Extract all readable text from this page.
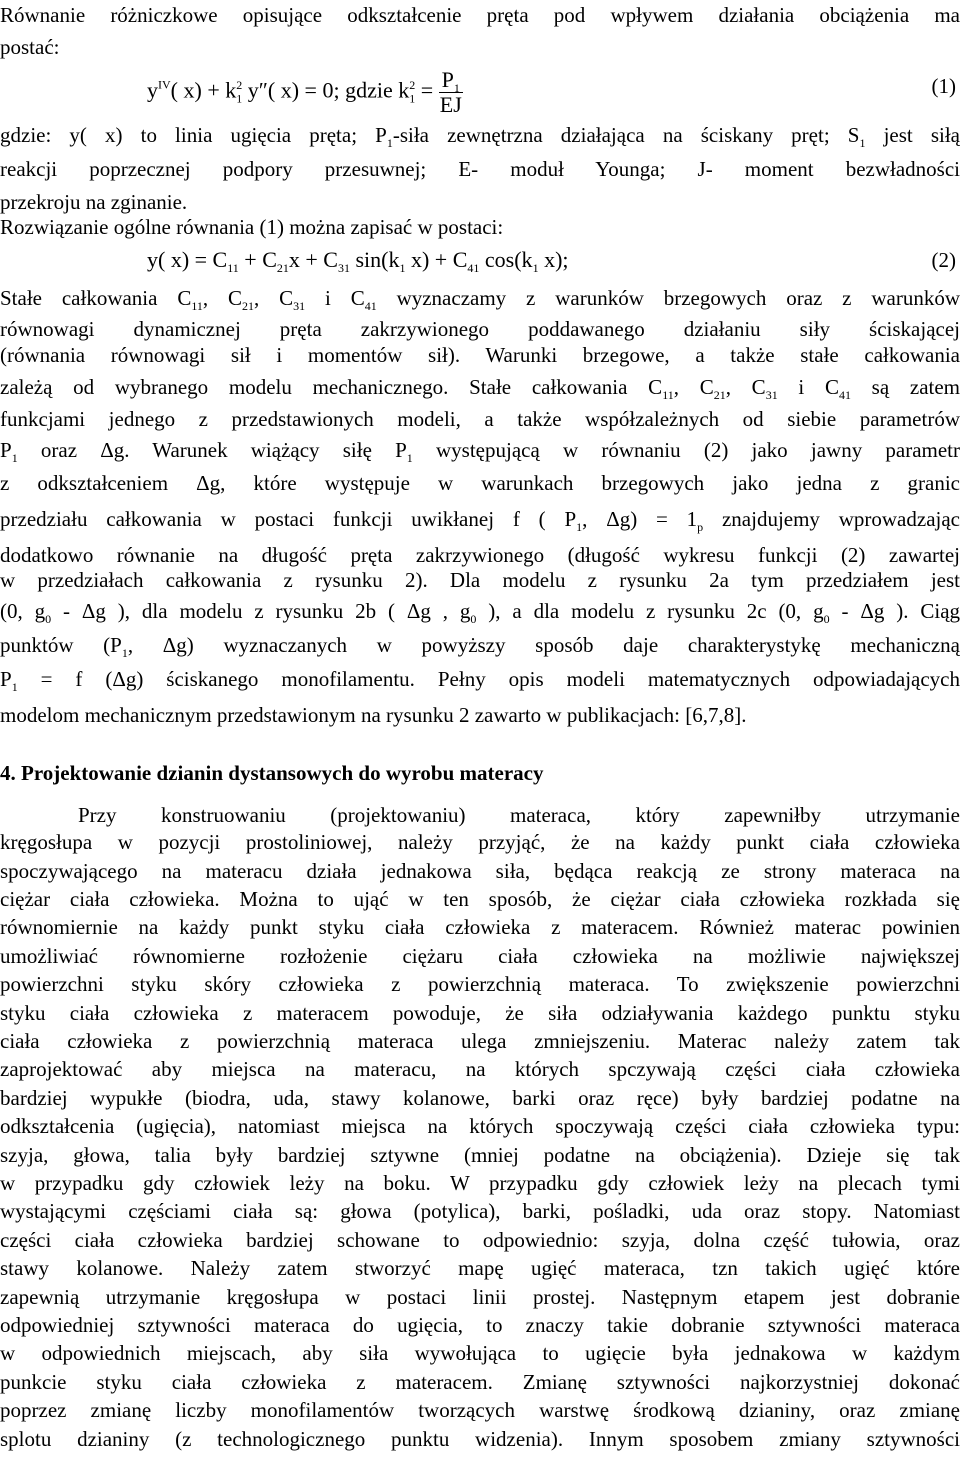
Równanie różniczkowe opisujące odkształcenie pręta pod wpływem działania obciążenia ma
postać:
$y^{IV}$( $x) + k_1^2$ y″( x) = 0; gdzie $k_1^2 = \frac{P_1}{EJ}$	(1)
gdzie: y( x) to linia ugięcia pręta; $P_1$-siła zewnętrzna działająca na ściskany pręt; $S_1$ jest siłą
reakcji poprzecznej podpory przesuwnej; E- moduł Younga; J- moment bezwładności
przekroju na zginanie.
Rozwiązanie ogólne równania (1) można zapisać w postaci:
y( $x) = C_{11} + C_{21}x + C_{31}$ $\sin(k_1$ $x) + C_{41}$ $\cos(k_1$ x);	(2)
Stałe całkowania $C_{11}$, $C_{21}$, $C_{31}$ i $C_{41}$ wyznaczamy z warunków brzegowych oraz z warunków
równowagi dynamicznej pręta zakrzywionego poddawanego działaniu siły ściskającej
(równania równowagi sił i momentów sił). Warunki brzegowe, a także stałe całkowania
zależą od wybranego modelu mechanicznego. Stałe całkowania $C_{11}$, $C_{21}$, $C_{31}$ i $C_{41}$ są zatem
funkcjami jednego z przedstawionych modeli, a także współzależnych od siebie parametrów
$P_1$ oraz Δg. Warunek wiążący siłę $P_1$ występującą w równaniu (2) jako jawny parametr
z odkształceniem Δg, które występuje w warunkach brzegowych jako jedna z granic
przedziału całkowania w postaci funkcji uwikłanej f ( $P_1$, $\Delta g) = 1_p$ znajdujemy wprowadzając
dodatkowo równanie na długość pręta zakrzywionego (długość wykresu funkcji (2) zawartej
w przedziałach całkowania z rysunku 2). Dla modelu z rysunku 2a tym przedziałem jest
(0, $g_0$ - Δg ), dla modelu z rysunku 2b ( Δg , $g_0$ ), a dla modelu z rysunku 2c (0, $g_0$ - Δg ). Ciąg
punktów ($P_1$, Δg) wyznaczanych w powyższy sposób daje charakterystykę mechaniczną
$P_1 = f$ (Δg) ściskanego monofilamentu. Pełny opis modeli matematycznych odpowiadających
modelom mechanicznym przedstawionym na rysunku 2 zawarto w publikacjach: [6,7,8].
4. Projektowanie dzianin dystansowych do wyrobu materacy
Przy konstruowaniu (projektowaniu) materaca, który zapewniłby utrzymanie
kręgosłupa w pozycji prostoliniowej, należy przyjąć, że na każdy punkt ciała człowieka
spoczywającego na materacu działa jednakowa siła, będąca reakcją ze strony materaca na
ciężar ciała człowieka. Można to ująć w ten sposób, że ciężar ciała człowieka rozkłada się
równomiernie na każdy punkt styku ciała człowieka z materacem. Również materac powinien
umożliwiać równomierne rozłożenie ciężaru ciała człowieka na możliwie największej
powierzchni styku skóry człowieka z powierzchnią materaca. To zwiększenie powierzchni
styku ciała człowieka z materacem powoduje, że siła odziaływania każdego punktu styku
ciała człowieka z powierzchnią materaca ulega zmniejszeniu. Materac należy zatem tak
zaprojektować aby miejsca na materacu, na których spczywają części ciała człowieka
bardziej wypukłe (biodra, uda, stawy kolanowe, barki oraz ręce) były bardziej podatne na
odkształcenia (ugięcia), natomiast miejsca na których spoczywają części ciała człowieka typu:
szyja, głowa, talia były bardziej sztywne (mniej podatne na obciążenia). Dzieje się tak
w przypadku gdy człowiek leży na boku. W przypadku gdy człowiek leży na plecach tymi
wystającymi częściami ciała są: głowa (potylica), barki, pośladki, uda oraz stopy. Natomiast
części ciała człowieka bardziej schowane to odpowiednio: szyja, dolna część tułowia, oraz
stawy kolanowe. Należy zatem stworzyć mapę ugięć materaca, tzn takich ugięć które
zapewnią utrzymanie kręgosłupa w postaci linii prostej. Następnym etapem jest dobranie
odpowiedniej sztywności materaca do ugięcia, to znaczy takie dobranie sztywności materaca
w odpowiednich miejscach, aby siła wywołująca to ugięcie była jednakowa w każdym
punkcie styku ciała człowieka z materacem. Zmianę sztywności najkorzystniej dokonać
poprzez zmianę liczby monofilamentów tworzących warstwę środkową dzianiny, oraz zmianę
splotu dzianiny (z technologicznego punktu widzenia). Innym sposobem zmiany sztywności
